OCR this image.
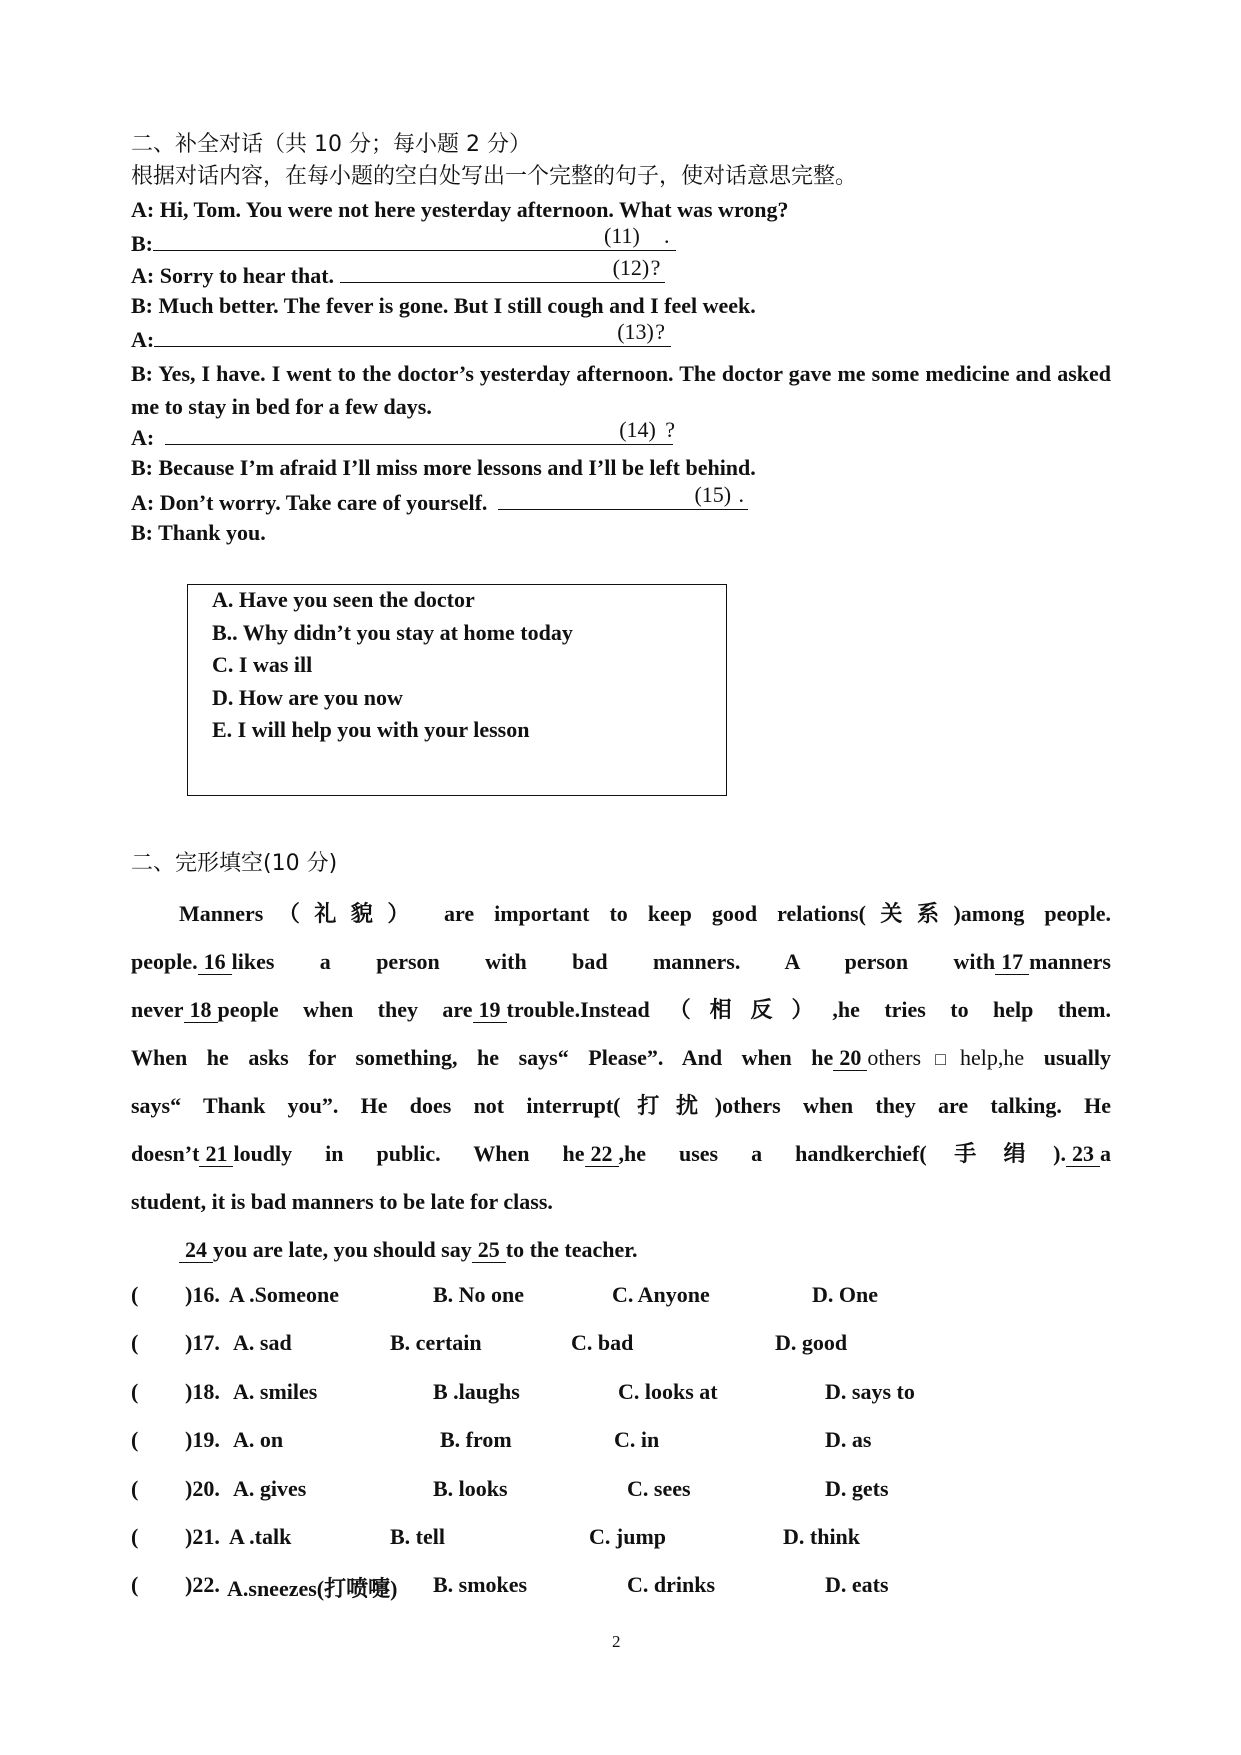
二、补全对话（共 10 分；每小题 2 分）
根据对话内容，在每小题的空白处写出一个完整的句子，使对话意思完整。
A: Hi, Tom. You were not here yesterday afternoon. What was wrong?
B:	(11) .
A: Sorry to hear that.	(12) ?
B: Much better. The fever is gone. But I still cough and I feel week.
A:	(13) ?
B: Yes, I have. I went to the doctor’s yesterday afternoon. The doctor gave me some medicine and asked me to stay in bed for a few days.
A:	(14) ?
B: Because I’m afraid I’ll miss more lessons and I’ll be left behind.
A: Don’t worry. Take care of yourself.	(15) .
B: Thank you.
A. Have you seen the doctor
B.. Why didn’t you stay at home today
C. I was ill
D. How are you now
E. I will help you with your lesson
二、完形填空(10 分)
Manners（礼貌） are important to keep good relations(关系)among people.
people. 16 likes a person with bad manners. A person with 17 manners
never 18 people when they are 19 trouble.Instead（相反）,he tries to help them.
When he asks for something, he says“ Please”. And when he 20 others□help,he usually
says“ Thank you”. He does not interrupt(打扰)others when they are talking. He
doesn’t 21 loudly in public. When he 22 ,he uses a handkerchief(手绢). 23 a
student, it is bad manners to be late for class.
24 you are late, you should say 25 to the teacher.
( )16. A .Someone	B. No one	C. Anyone	D. One
( )17. A. sad	B. certain	C. bad	D. good
( )18. A. smiles	B .laughs	C. looks at	D. says to
( )19. A. on	B. from	C. in	D. as
( )20. A. gives	B. looks	C. sees	D. gets
( )21. A .talk	B. tell	C. jump	D. think
( )22. A.sneezes(打喷嚏) B. smokes	C. drinks	D. eats
2
